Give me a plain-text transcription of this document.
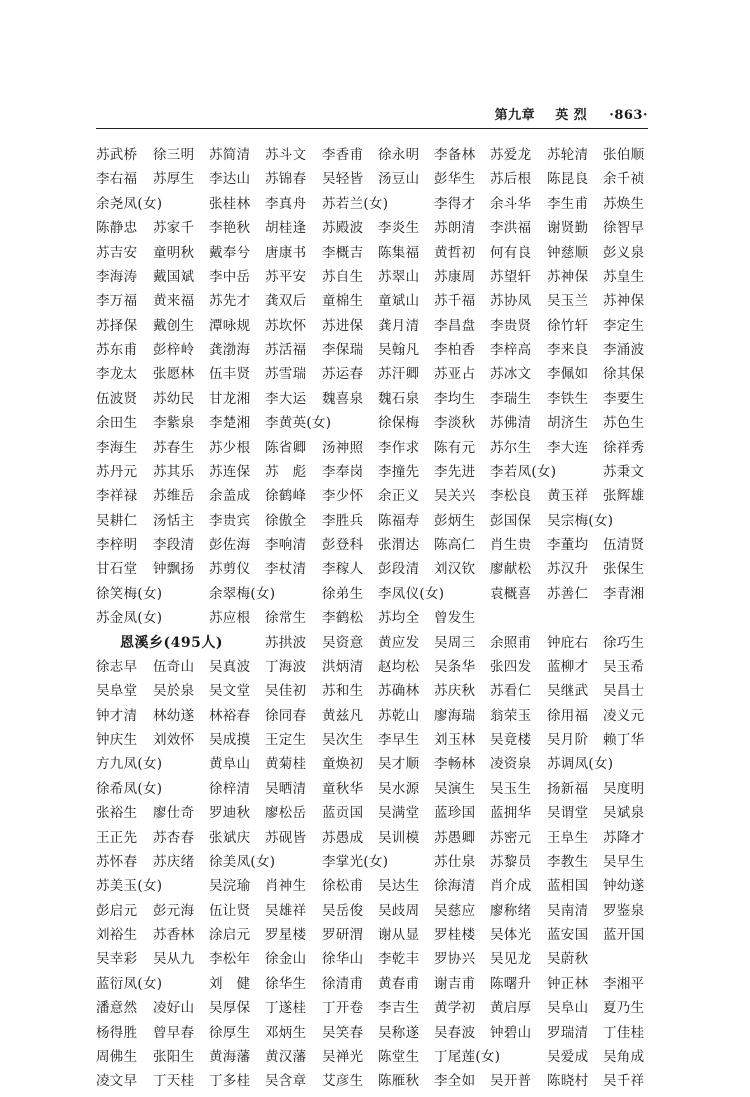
第九章 英 烈 ·863·
苏武桥 徐三明 苏简清 苏斗文 李香甫 徐永明 李备林 苏爱龙 苏轮清 张伯顺
李右福 苏厚生 李达山 苏锦春 吴轻皆 汤豆山 彭华生 苏后根 陈昆良 余千祯
余尧凤(女)	张桂林 李真舟 苏若兰(女)	李得才 余斗华 李生甫 苏焕生
陈静忠 苏家千 李艳秋 胡桂逢 苏殿波 李炎生 苏朗清 李洪福 谢贤勤 徐智早
苏吉安 童明秋 戴奉兮 唐康书 李概吉 陈集福 黄哲初 何有良 钟慈顺 彭义泉
李海涛 戴国斌 李中岳 苏平安 苏自生 苏翠山 苏康周 苏望轩 苏神保 苏皇生
李万福 黄来福 苏先才 龚双后 童棉生 童斌山 苏千福 苏协凤 吴玉兰 苏神保
苏择保 戴创生 潭咏规 苏坎怀 苏进保 龚月清 李昌盘 李贵贤 徐竹轩 李定生
苏东甫 彭梓岭 龚渤海 苏活福 李保瑞 吴翰凡 李柏香 李梓高 李来良 李涌波
李龙太 张愿林 伍丰贤 苏雪瑞 苏运春 苏汗卿 苏亚占 苏冰文 李佩如 徐其保
伍波贤 苏幼民 甘龙湘 李大运 魏喜泉 魏石泉 李均生 李瑞生 李铁生 李要生
余田生 李紫泉 李楚湘 李黄英(女)	徐保梅 李淡秋 苏佛清 胡济生 苏色生
李海生 苏春生 苏少根 陈省卿 汤神照 李作求 陈有元 苏尔生 李大连 徐祥秀
苏丹元 苏其乐 苏连保 苏　彪 李奉岗 李撞先 李先进 李若凤(女)	苏秉文
李祥禄 苏维岳 余盖成 徐鹤峰 李少怀 余正义 吴关兴 李松良 黄玉祥 张辉雄
吴耕仁 汤恬主 李贵宾 徐傲全 李胜兵 陈福寿 彭炳生 彭国保 吴宗梅(女)
李梓明 李段清 彭佐海 李响清 彭登科 张渭达 陈高仁 肖生贵 李董均 伍清贤
甘石堂 钟飘扬 苏剪仪 李杖清 李稼人 彭段清 刘汉钦 廖献松 苏汉升 张保生
徐笑梅(女)	余翠梅(女)	徐弟生 李凤仪(女)	袁概喜 苏善仁 李青湘
苏金凤(女)	苏应根 徐常生 李鹤松 苏均全 曾发生
恩溪乡(495人)	苏拱波 吴资意 黄应发 吴周三 余照甫 钟庇右 徐巧生
徐志早 伍奇山 吴真波 丁海波 洪炳清 赵均松 吴条华 张四发 蓝柳才 吴玉希
吴阜堂 吴於泉 吴文堂 吴佳初 苏和生 苏确林 苏庆秋 苏看仁 吴继武 吴昌士
钟才清 林幼遂 林裕春 徐同春 黄兹凡 苏乾山 廖海瑞 翁荣玉 徐用福 凌义元
钟庆生 刘效怀 吴成摸 王定生 吴次生 李早生 刘玉林 吴竟楼 吴月阶 赖丁华
方九凤(女)	黄阜山 黄菊桂 童焕初 吴才顺 李畅林 凌资泉 苏调凤(女)
徐希凤(女)	徐梓清 吴晒清 童秋华 吴水源 吴演生 吴玉生 扬新福 吴度明
张裕生 廖仕奇 罗迪秋 廖松岳 蓝贡国 吴满堂 蓝珍国 蓝拥华 吴谓堂 吴斌泉
王正先 苏杏春 张斌庆 苏砚皆 苏愚成 吴训模 苏愚卿 苏密元 王阜生 苏降才
苏怀春 苏庆绪 徐美凤(女)	李掌光(女)	苏仕泉 苏黎员 李教生 吴早生
苏美玉(女)	吴浣瑜 肖神生 徐松甫 吴达生 徐海清 肖介成 蓝相国 钟幼遂
彭启元 彭元海 伍让贤 吴雄祥 吴岳俊 吴歧周 吴慈应 廖称绪 吴南清 罗鉴泉
刘裕生 苏香林 涂启元 罗星楼 罗研渭 谢从显 罗桂楼 吴体光 蓝安国 蓝开国
吴幸彩 吴从九 李松年 徐金山 徐华山 李乾丰 罗协兴 吴见龙 吴蔚秋
蓝衍凤(女)	刘　健 徐华生 徐清甫 黄春甫 谢吉甫 陈曙升 钟正林 李湘平
潘意然 凌好山 吴厚保 丁遂桂 丁开卷 李吉生 黄学初 黄启厚 吴阜山 夏乃生
杨得胜 曾早春 徐厚生 邓炳生 吴笑春 吴称遂 吴春波 钟碧山 罗瑞清 丁佳桂
周佛生 张阳生 黄海藩 黄汉藩 吴禅光 陈堂生 丁尾莲(女)	吴爱成 吴角成
凌文早 丁天桂 丁多桂 吴含章 艾彦生 陈雁秋 李全如 吴开普 陈晓村 吴千祥
